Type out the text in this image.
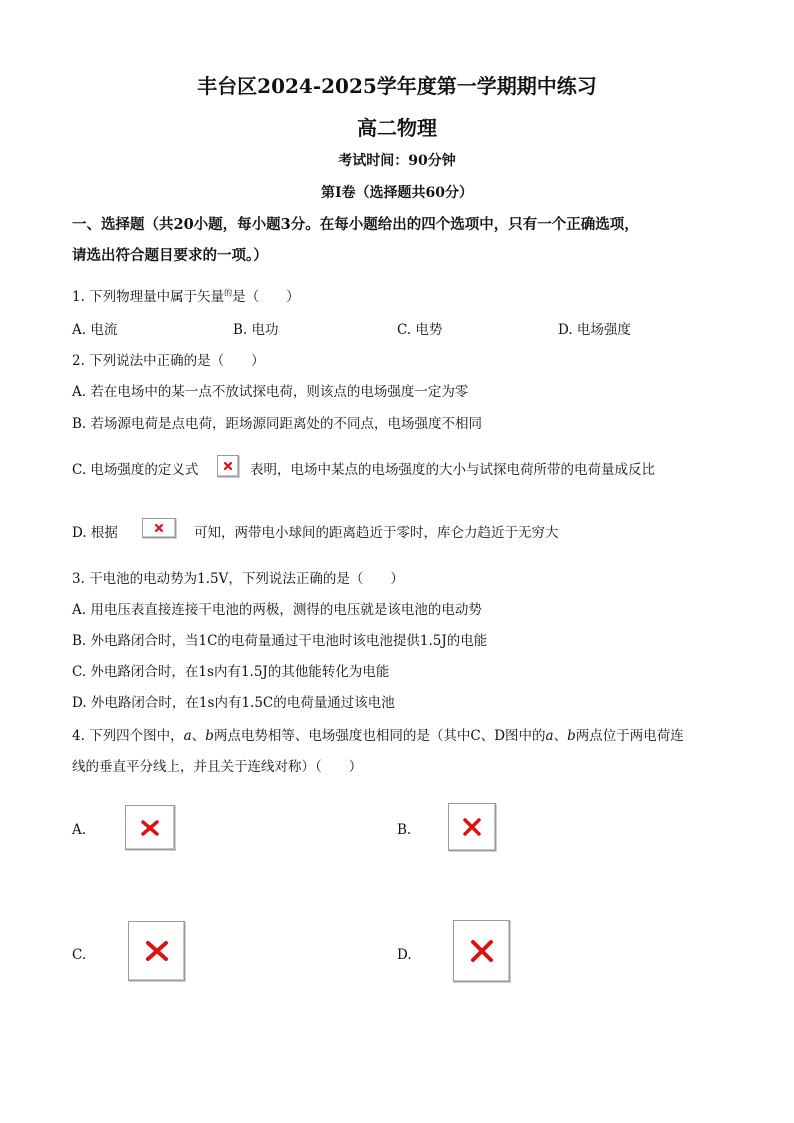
丰台区2024-2025学年度第一学期期中练习
高二物理
考试时间：90分钟
第I卷（选择题共60分）
一、选择题（共20小题，每小题3分。在每小题给出的四个选项中，只有一个正确选项，
请选出符合题目要求的一项。）
1. 下列物理量中属于矢量$^的$是（　　）
A. 电流	B. 电功	C. 电势	D. 电场强度
2. 下列说法中正确的是（　　）
A. 若在电场中的某一点不放试探电荷，则该点的电场强度一定为零
B. 若场源电荷是点电荷，距场源同距离处的不同点，电场强度不相同
C. 电场强度的定义式	表明，电场中某点的电场强度的大小与试探电荷所带的电荷量成反比
D. 根据	可知，两带电小球间的距离趋近于零时，库仑力趋近于无穷大
3. 干电池的电动势为1.5V，下列说法正确的是（　　）
A. 用电压表直接连接干电池的两极，测得的电压就是该电池的电动势
B. 外电路闭合时，当1C的电荷量通过干电池时该电池提供1.5J的电能
C. 外电路闭合时，在1s内有1.5J的其他能转化为电能
D. 外电路闭合时，在1s内有1.5C的电荷量通过该电池
4. 下列四个图中，a、b两点电势相等、电场强度也相同的是（其中C、D图中的a、b两点位于两电荷连
线的垂直平分线上，并且关于连线对称）（　　）
A.	B.
C.	D.
